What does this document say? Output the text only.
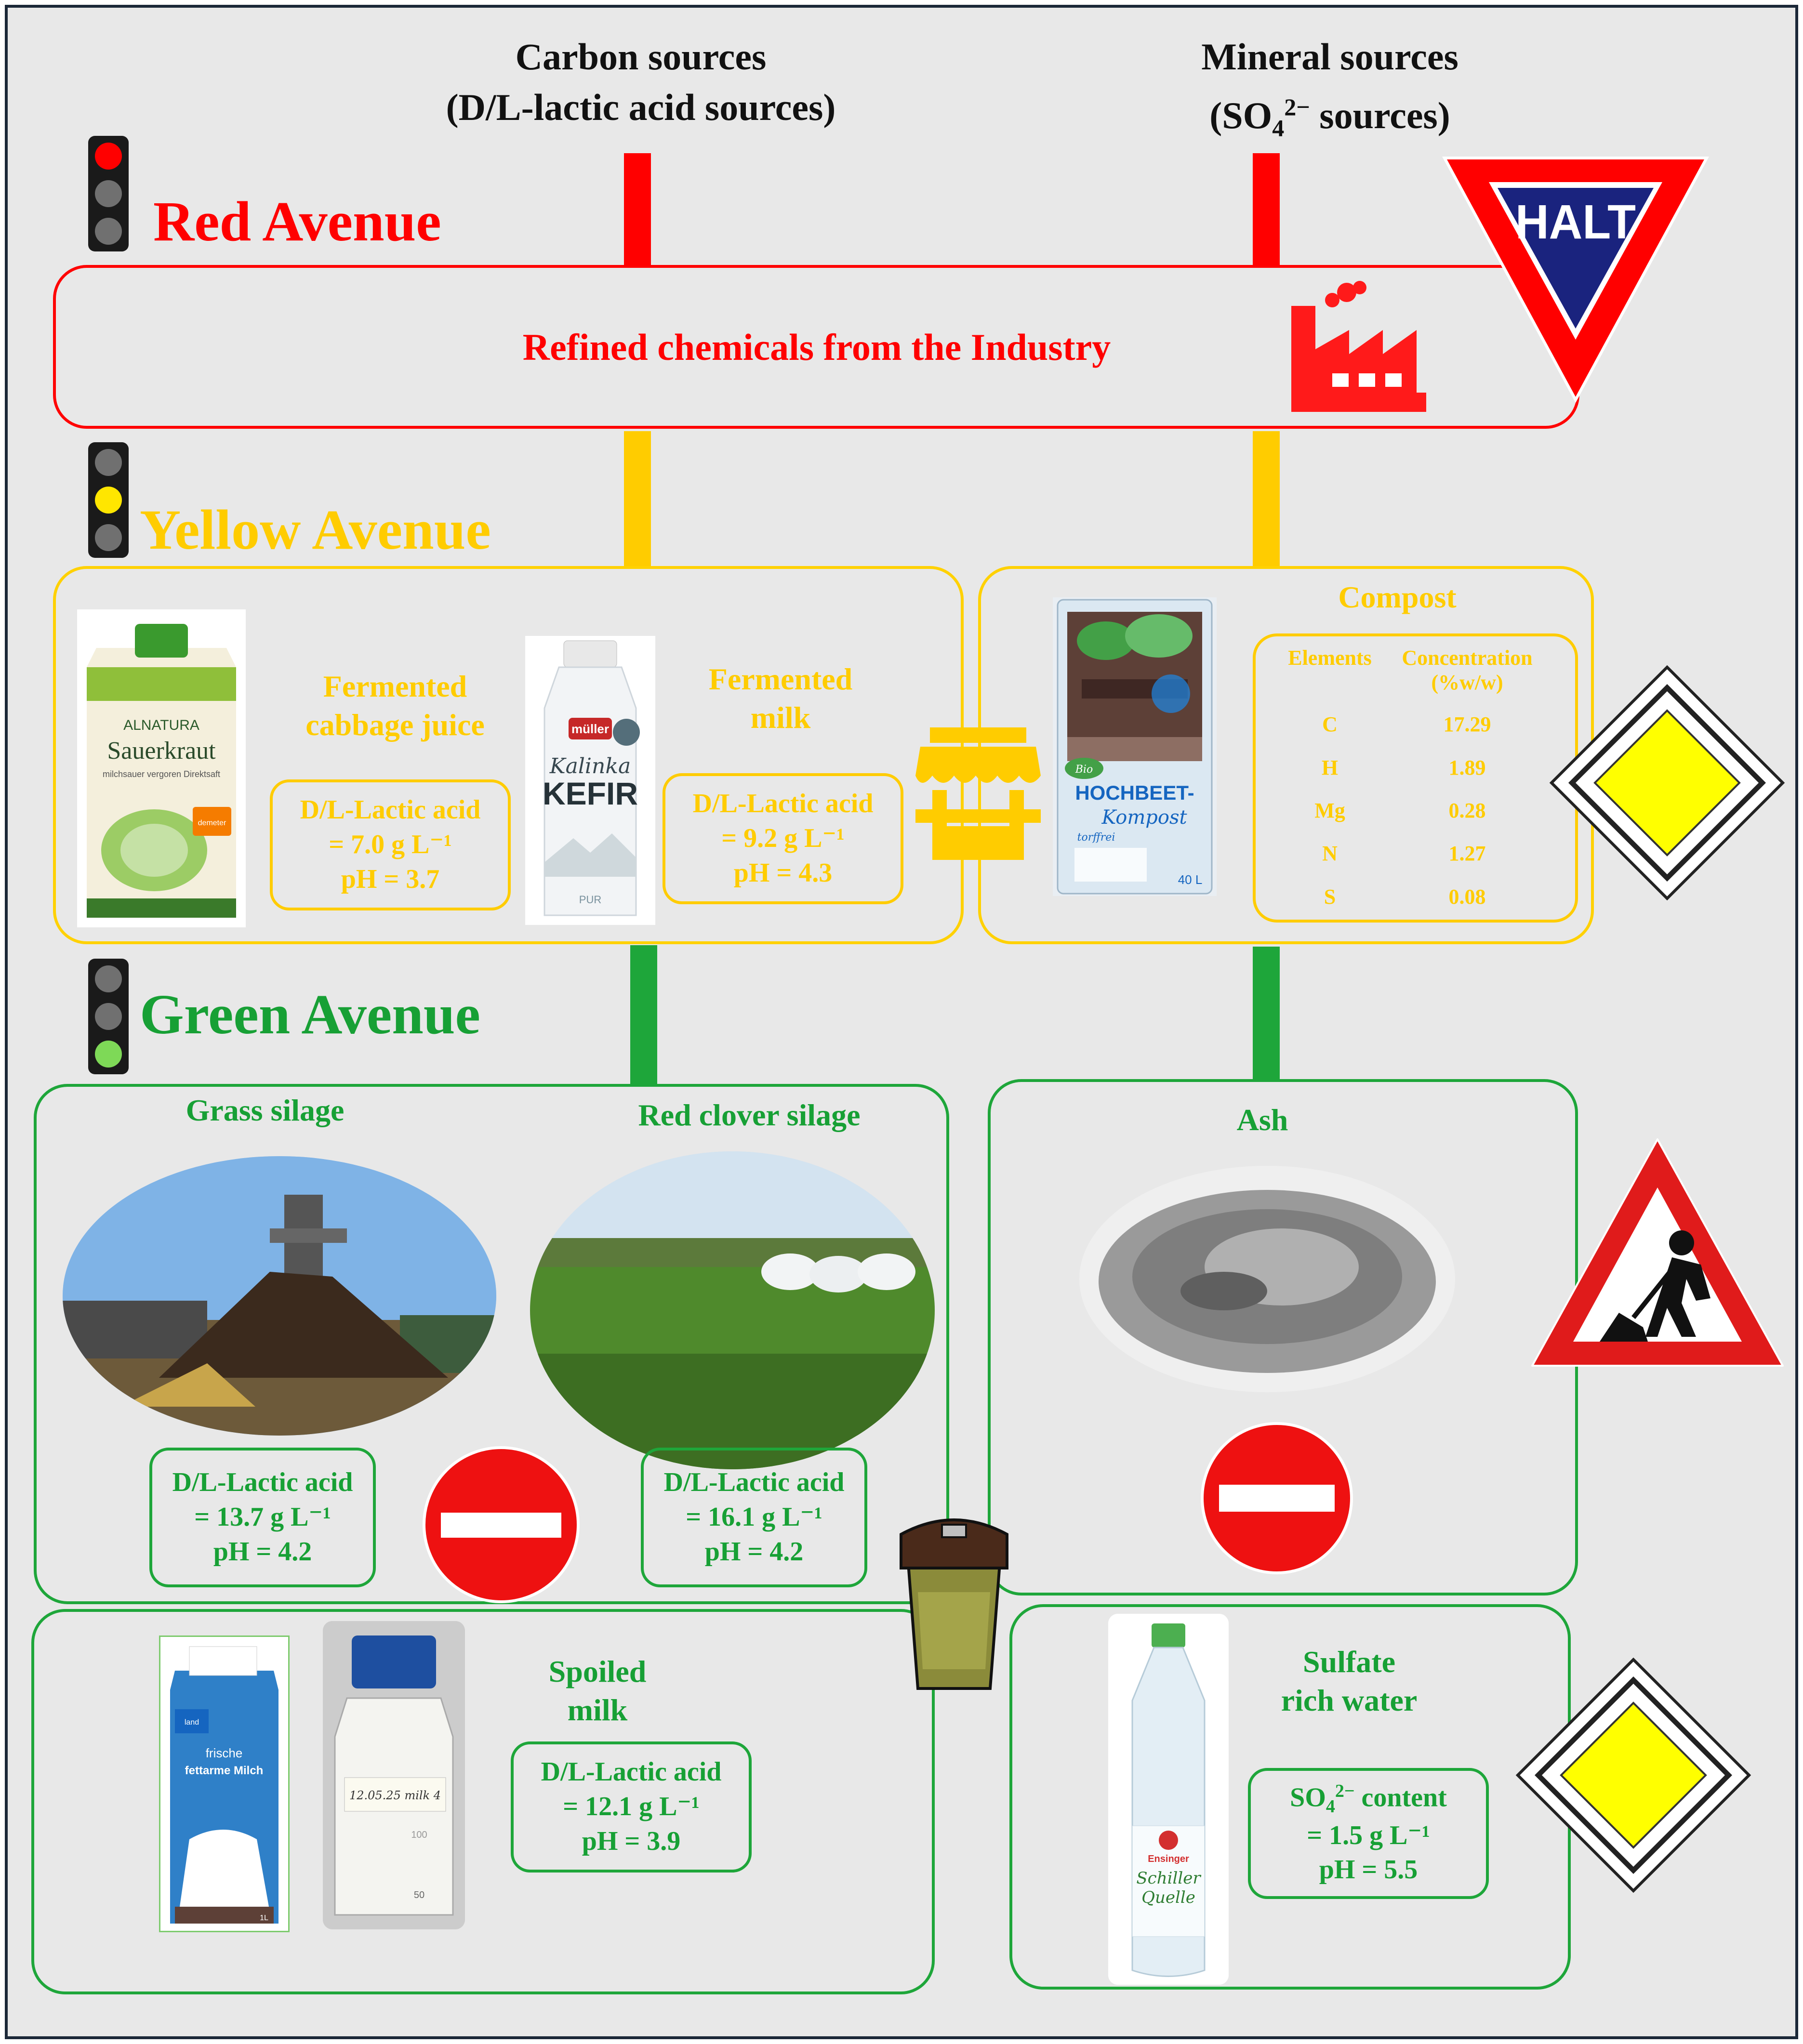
Carbon sources
(D/L-lactic acid sources)
Mineral sources
($SO_4^{2-}$ sources)
Red Avenue
Refined chemicals from the Industry
HALT
Yellow Avenue
ALNATURA
Sauerkraut
milchsauer vergoren Direktsaft
demeter
Fermented
cabbage juice
D/L-Lactic acid
= 7.0 g L⁻¹
pH = 3.7
müller
Kalinka
KEFIR
PUR
Fermented
milk
D/L-Lactic acid
= 9.2 g L⁻¹
pH = 4.3
Bio
HOCHBEET-
Kompost
torffrei
40 L
Compost
Elements	Concentration
(%w/w)
C	17.29
H	1.89
Mg	0.28
N	1.27
S	0.08
Green Avenue
Grass silage
D/L-Lactic acid
= 13.7 g L⁻¹
pH = 4.2
Red clover silage
D/L-Lactic acid
= 16.1 g L⁻¹
pH = 4.2
Ash
land
frische
fettarme Milch
1L
12.05.25 milk 4
100
50
Spoiled
milk
D/L-Lactic acid
= 12.1 g L⁻¹
pH = 3.9
Ensinger
Schiller
Quelle
Sulfate
rich water
$SO_4^{2-}$ content
= 1.5 g L⁻¹
pH = 5.5
